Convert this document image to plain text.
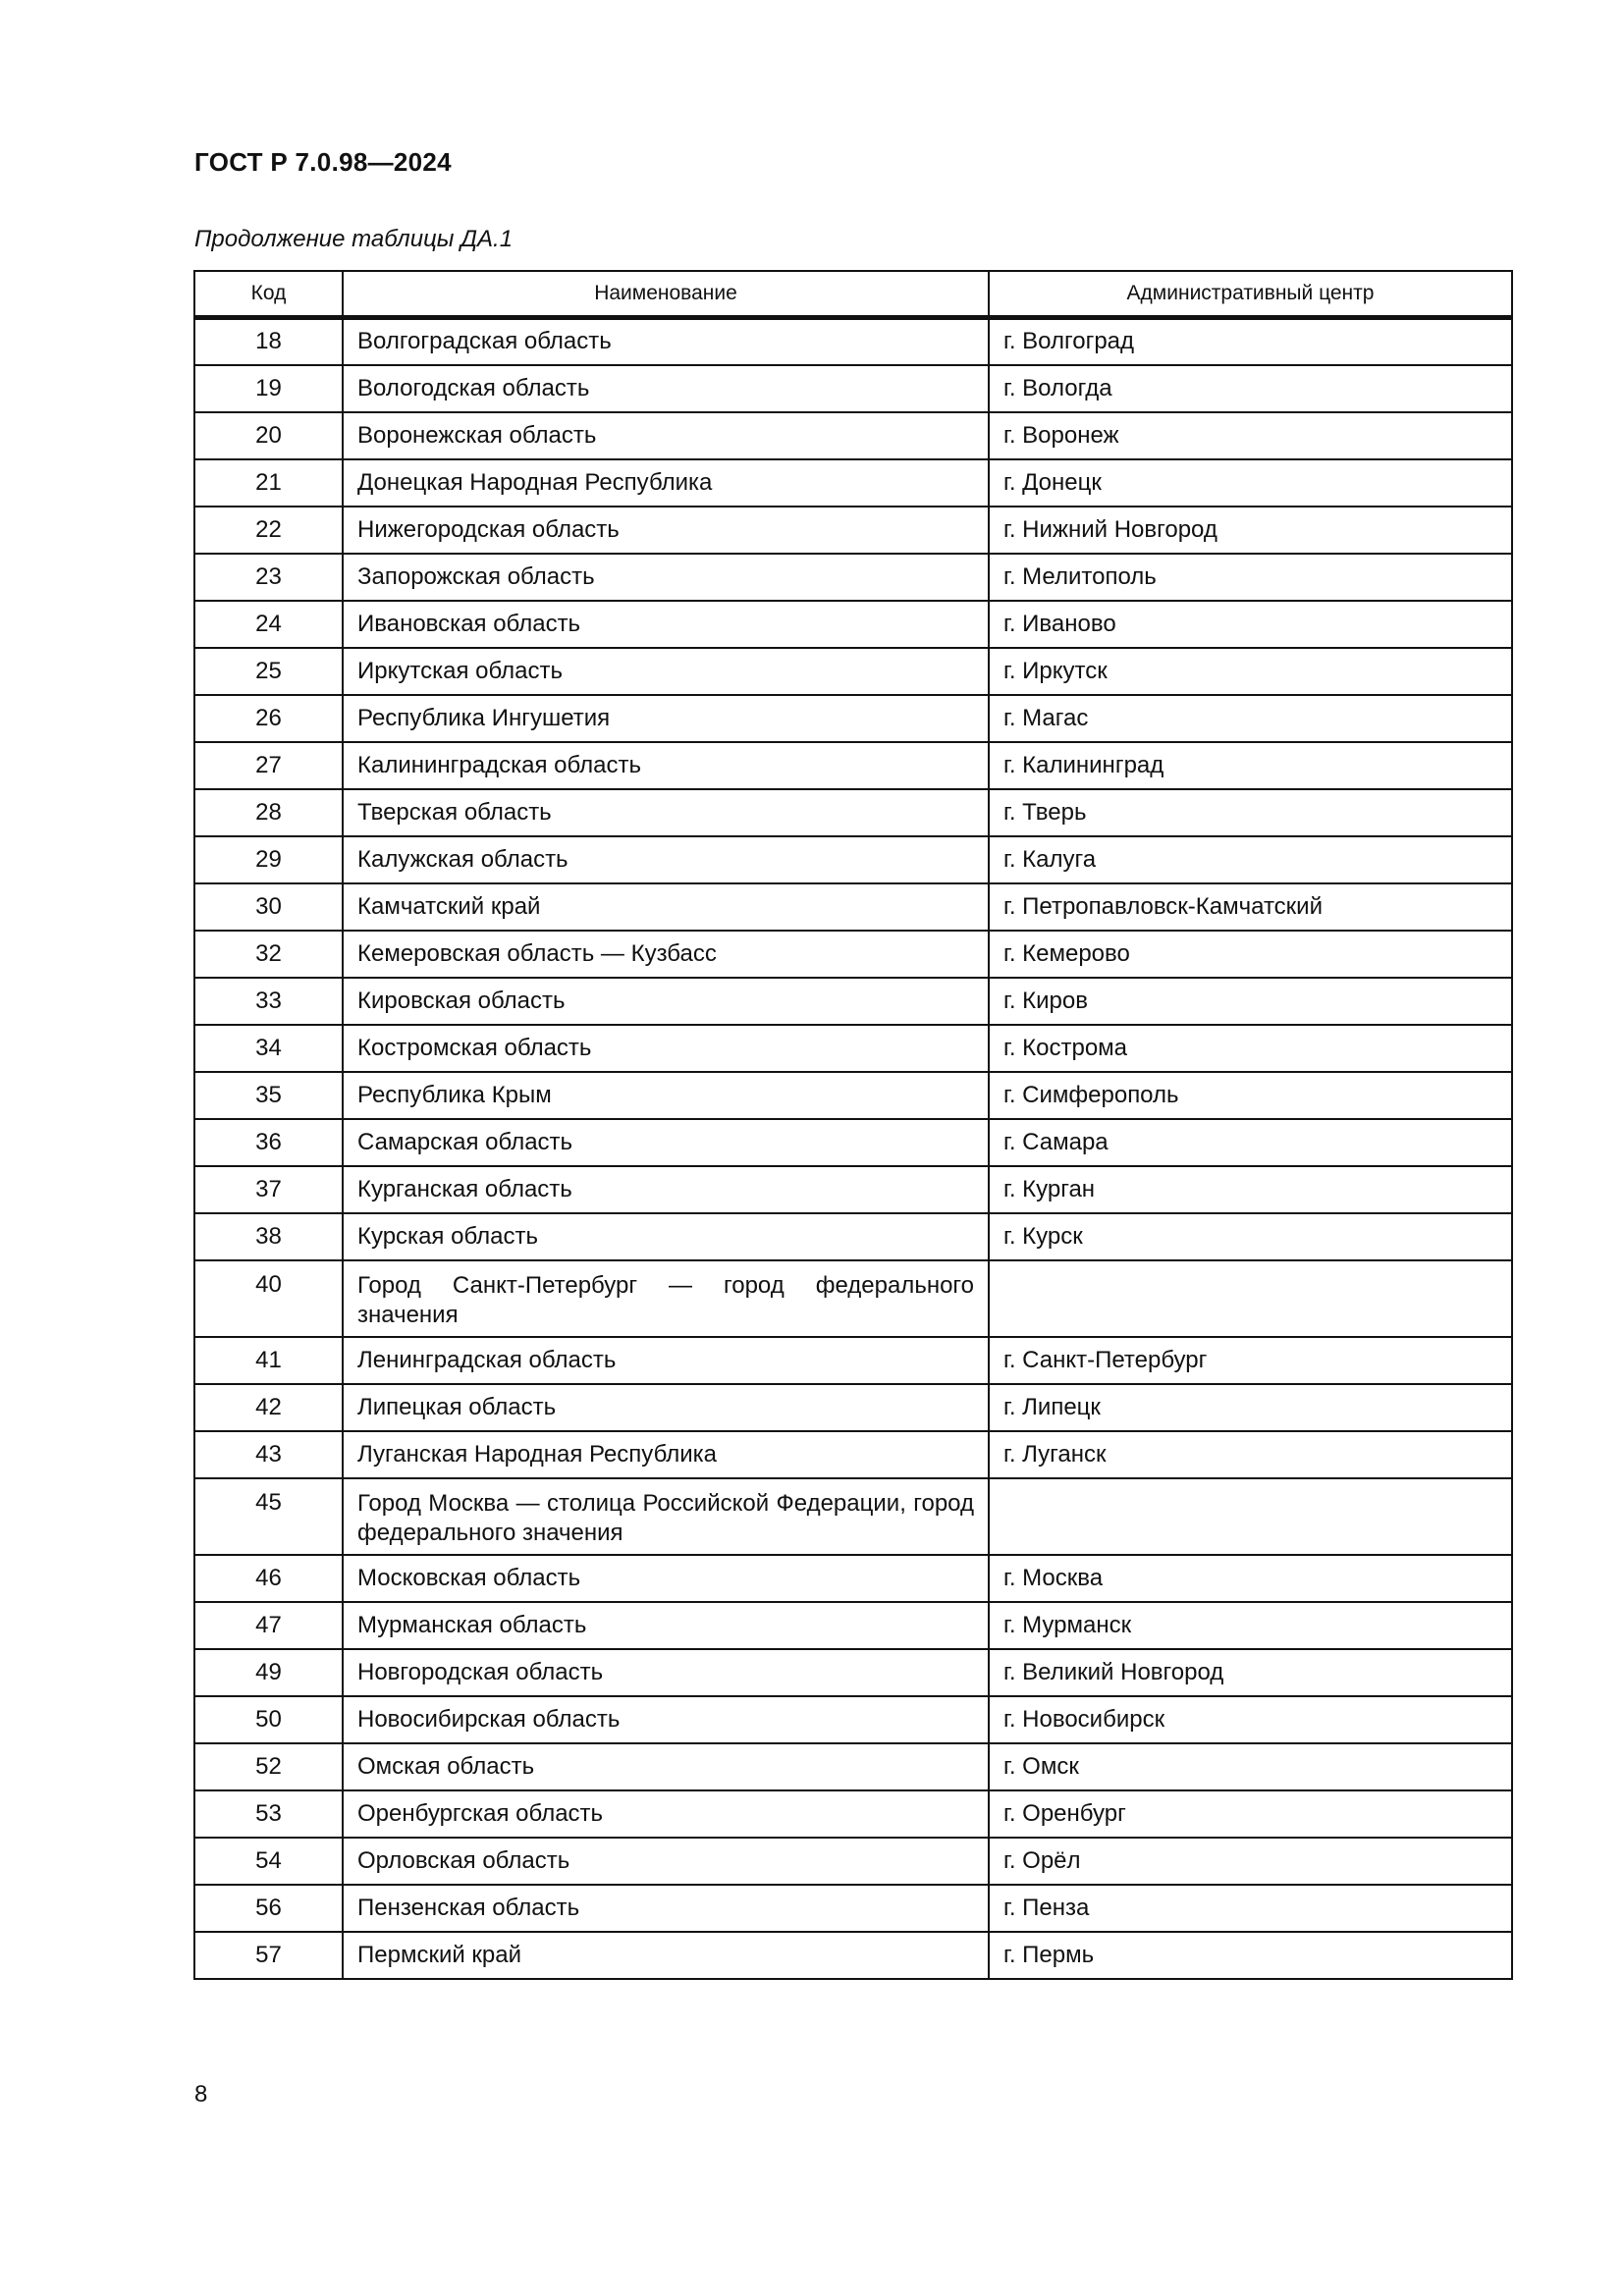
ГОСТ Р 7.0.98—2024
Продолжение таблицы ДА.1
Код	Наименование	Административный центр
18	Волгоградская область	г. Волгоград
19	Вологодская область	г. Вологда
20	Воронежская область	г. Воронеж
21	Донецкая Народная Республика	г. Донецк
22	Нижегородская область	г. Нижний Новгород
23	Запорожская область	г. Мелитополь
24	Ивановская область	г. Иваново
25	Иркутская область	г. Иркутск
26	Республика Ингушетия	г. Магас
27	Калининградская область	г. Калининград
28	Тверская область	г. Тверь
29	Калужская область	г. Калуга
30	Камчатский край	г. Петропавловск-Камчатский
32	Кемеровская область — Кузбасс	г. Кемерово
33	Кировская область	г. Киров
34	Костромская область	г. Кострома
35	Республика Крым	г. Симферополь
36	Самарская область	г. Самара
37	Курганская область	г. Курган
38	Курская область	г. Курск
40	Город Санкт-Петербург — город федерального значения	
41	Ленинградская область	г. Санкт-Петербург
42	Липецкая область	г. Липецк
43	Луганская Народная Республика	г. Луганск
45	Город Москва — столица Российской Федерации, город федерального значения	
46	Московская область	г. Москва
47	Мурманская область	г. Мурманск
49	Новгородская область	г. Великий Новгород
50	Новосибирская область	г. Новосибирск
52	Омская область	г. Омск
53	Оренбургская область	г. Оренбург
54	Орловская область	г. Орёл
56	Пензенская область	г. Пенза
57	Пермский край	г. Пермь
8
